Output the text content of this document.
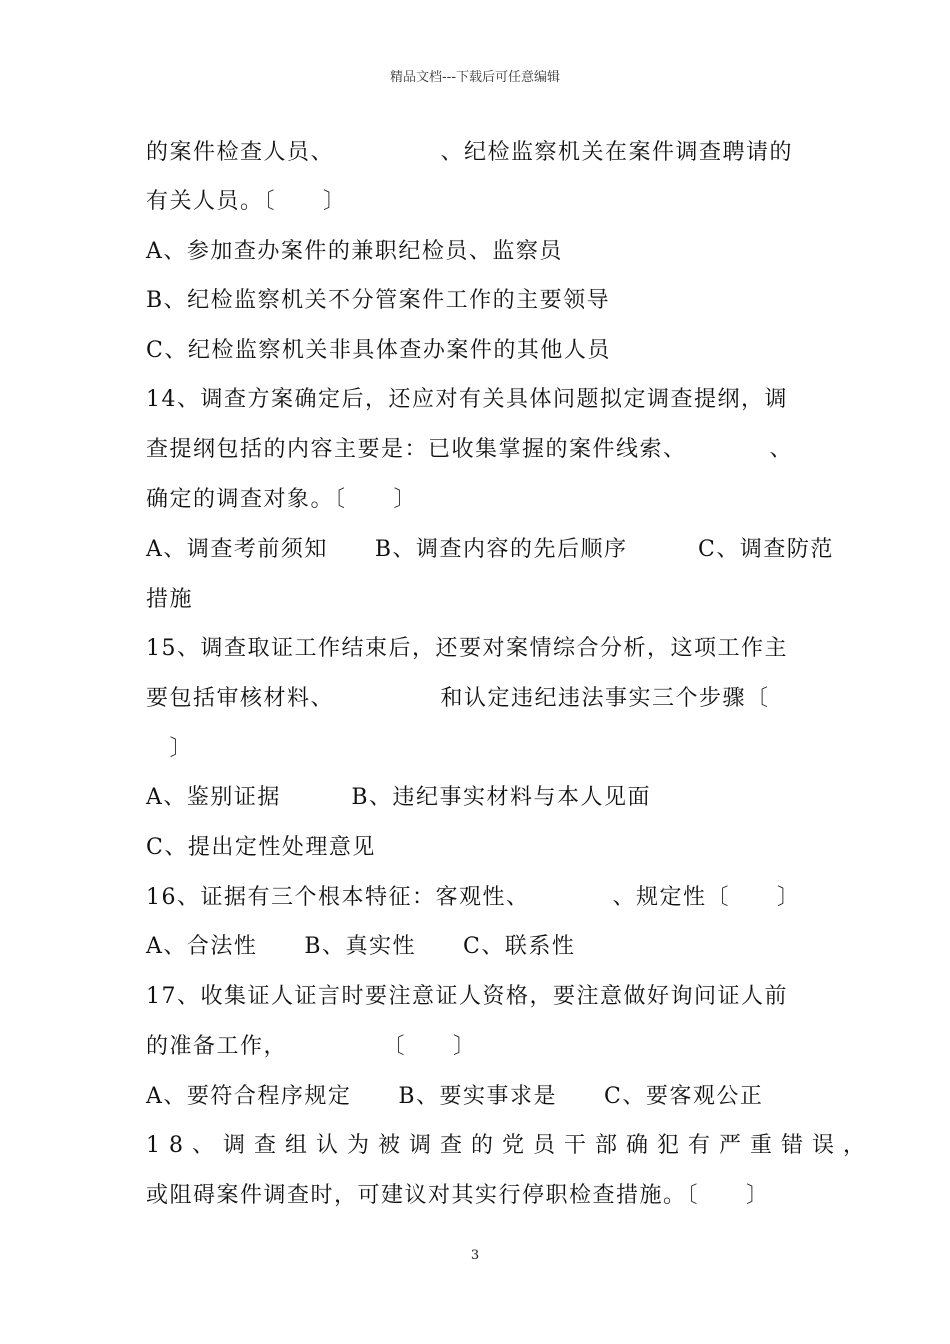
精品文档---下载后可任意编辑
的案件检查人员、　　　　　、纪检监察机关在案件调查聘请的
有关人员。〔　　〕
A、参加查办案件的兼职纪检员、监察员
B、纪检监察机关不分管案件工作的主要领导
C、纪检监察机关非具体查办案件的其他人员
14、调查方案确定后，还应对有关具体问题拟定调查提纲，调
查提纲包括的内容主要是：已收集掌握的案件线索、　　　　、
确定的调查对象。〔　　〕
A、调查考前须知　　B、调查内容的先后顺序　　　C、调查防范
措施
15、调查取证工作结束后，还要对案情综合分析，这项工作主
要包括审核材料、　　　　　和认定违纪违法事实三个步骤〔
　〕
A、鉴别证据　　　B、违纪事实材料与本人见面
C、提出定性处理意见
16、证据有三个根本特征：客观性、　　　　、规定性〔　　〕
A、合法性　　B、真实性　　C、联系性
17、收集证人证言时要注意证人资格，要注意做好询问证人前
的准备工作，　　　　　〔　　〕
A、要符合程序规定　　B、要实事求是　　C、要客观公正
18、调查组认为被调查的党员干部确犯有严重错误，
或阻碍案件调查时，可建议对其实行停职检查措施。〔　　〕
3
